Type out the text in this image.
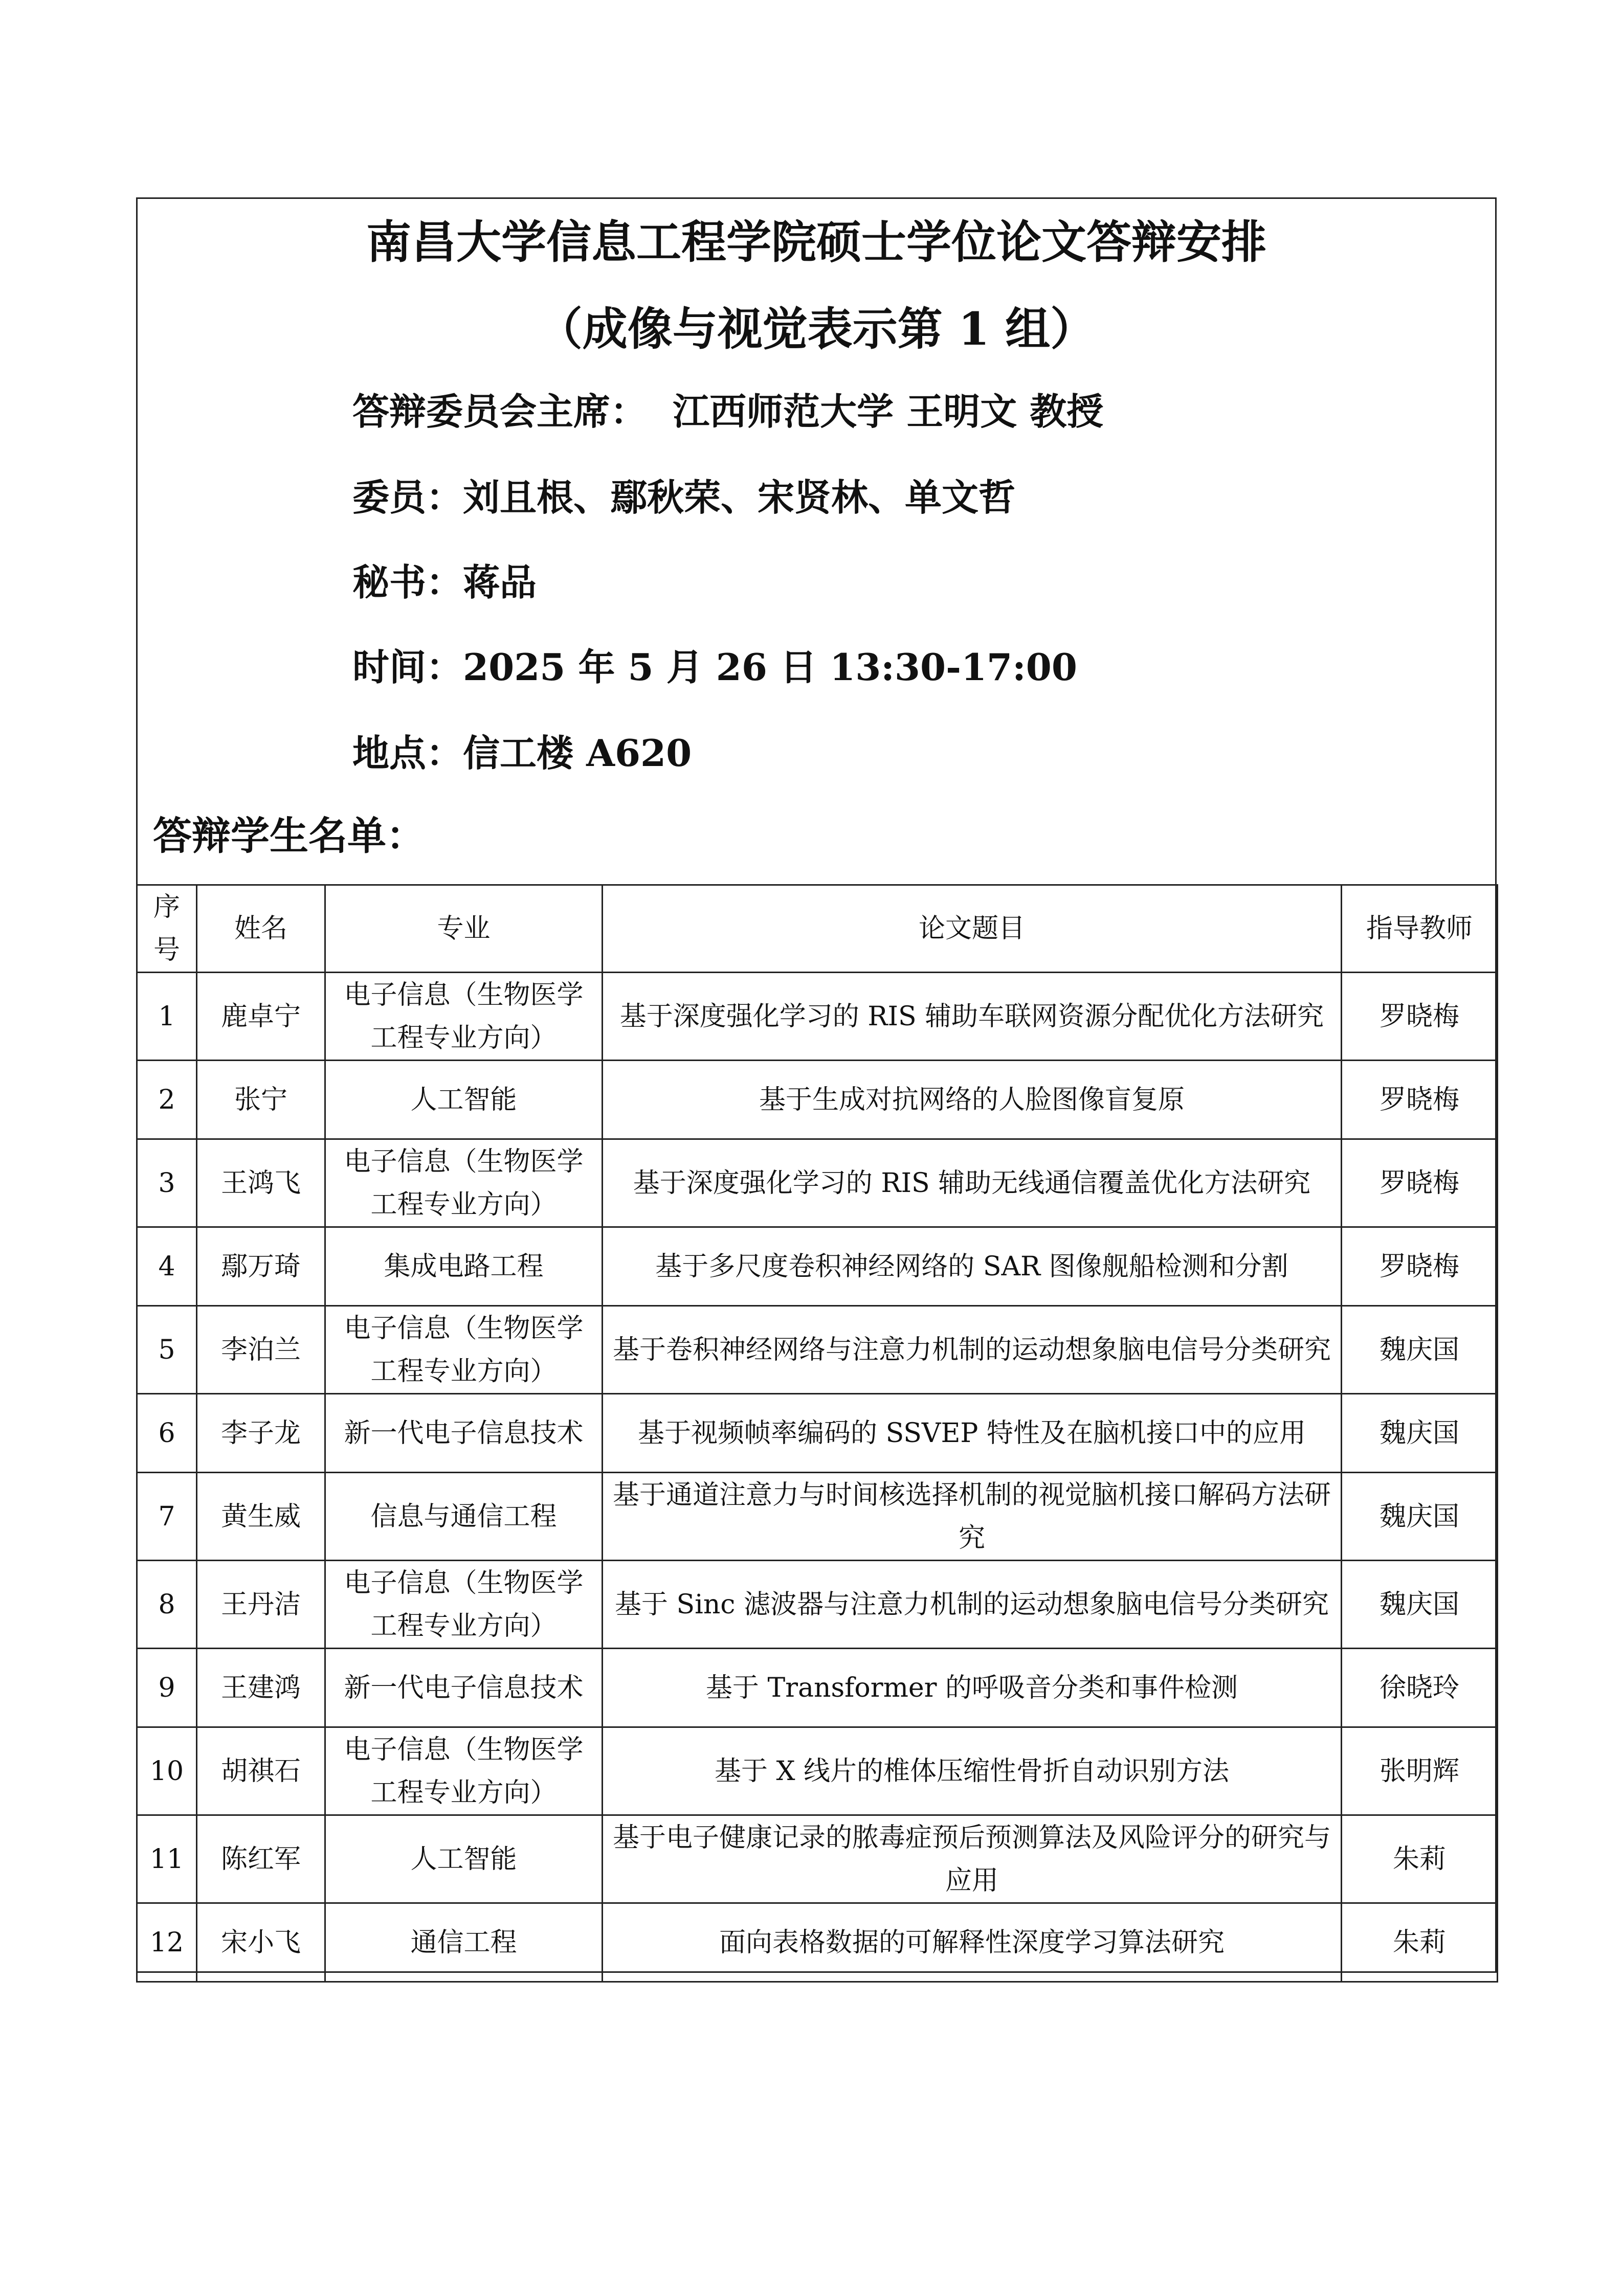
南昌大学信息工程学院硕士学位论文答辩安排
（成像与视觉表示第 1 组）
答辩委员会主席： 江西师范大学 王明文 教授
委员：刘且根、鄢秋荣、宋贤林、单文哲
秘书：蒋品
时间：2025 年 5 月 26 日 13:30-17:00
地点：信工楼 A620
答辩学生名单：
序号	姓名	专业	论文题目	指导教师
1	鹿卓宁	电子信息（生物医学工程专业方向）	基于深度强化学习的 RIS 辅助车联网资源分配优化方法研究	罗晓梅
2	张宁	人工智能	基于生成对抗网络的人脸图像盲复原	罗晓梅
3	王鸿飞	电子信息（生物医学工程专业方向）	基于深度强化学习的 RIS 辅助无线通信覆盖优化方法研究	罗晓梅
4	鄢万琦	集成电路工程	基于多尺度卷积神经网络的 SAR 图像舰船检测和分割	罗晓梅
5	李泊兰	电子信息（生物医学工程专业方向）	基于卷积神经网络与注意力机制的运动想象脑电信号分类研究	魏庆国
6	李子龙	新一代电子信息技术	基于视频帧率编码的 SSVEP 特性及在脑机接口中的应用	魏庆国
7	黄生威	信息与通信工程	基于通道注意力与时间核选择机制的视觉脑机接口解码方法研究	魏庆国
8	王丹洁	电子信息（生物医学工程专业方向）	基于 Sinc 滤波器与注意力机制的运动想象脑电信号分类研究	魏庆国
9	王建鸿	新一代电子信息技术	基于 Transformer 的呼吸音分类和事件检测	徐晓玲
10	胡祺石	电子信息（生物医学工程专业方向）	基于 X 线片的椎体压缩性骨折自动识别方法	张明辉
11	陈红军	人工智能	基于电子健康记录的脓毒症预后预测算法及风险评分的研究与应用	朱莉
12	宋小飞	通信工程	面向表格数据的可解释性深度学习算法研究	朱莉
